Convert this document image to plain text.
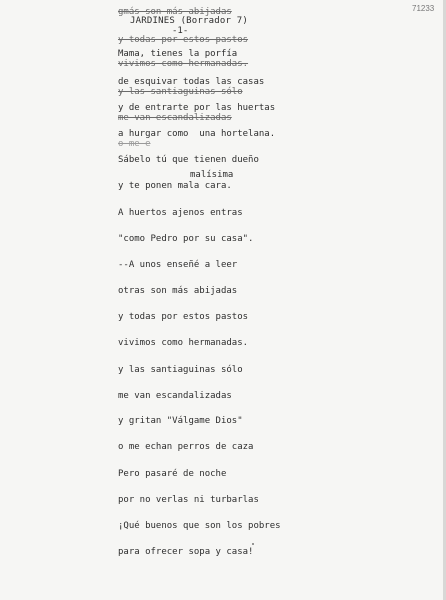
71233
gmás son más abijadas
JARDINES (Borrador 7)
-1-
y todas por estos pastos
Mama, tienes la porfía
vivimos como hermanadas.
de esquivar todas las casas
y las santiaguinas sólo
y de entrarte por las huertas
me van escandalizadas
a hurgar como  una hortelana.
o me e
Sábelo tú que tienen dueño
malísima
y te ponen mala cara.
A huertos ajenos entras
"como Pedro por su casa".
--A unos enseñé a leer
otras son más abijadas
y todas por estos pastos
vivimos como hermanadas.
y las santiaguinas sólo
me van escandalizadas
y gritan "Válgame Dios"
o me echan perros de caza
Pero pasaré de noche
por no verlas ni turbarlas
¡Qué buenos que son los pobres
para ofrecer sopa y casa!
